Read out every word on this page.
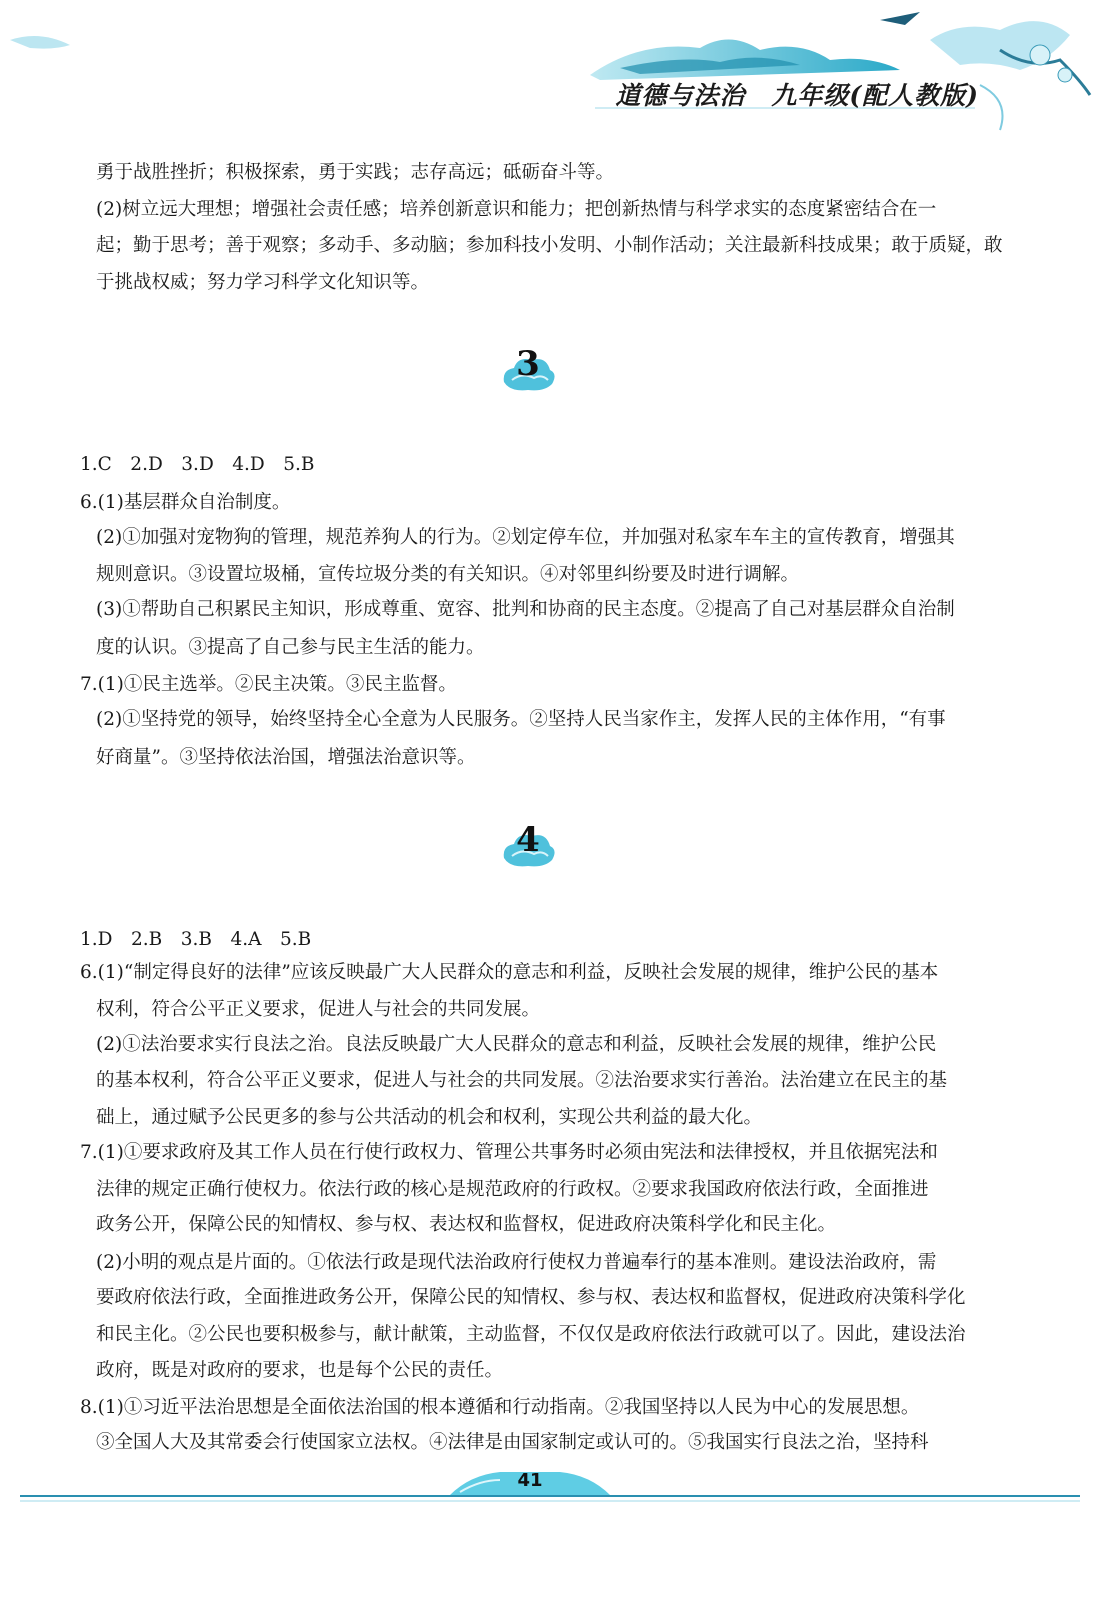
道德与法治　九年级(配人教版)
勇于战胜挫折；积极探索，勇于实践；志存高远；砥砺奋斗等。
(2)树立远大理想；增强社会责任感；培养创新意识和能力；把创新热情与科学求实的态度紧密结合在一
起；勤于思考；善于观察；多动手、多动脑；参加科技小发明、小制作活动；关注最新科技成果；敢于质疑，敢
于挑战权威；努力学习科学文化知识等。
3
1.C　2.D　3.D　4.D　5.B
6.(1)基层群众自治制度。
(2)①加强对宠物狗的管理，规范养狗人的行为。②划定停车位，并加强对私家车车主的宣传教育，增强其
规则意识。③设置垃圾桶，宣传垃圾分类的有关知识。④对邻里纠纷要及时进行调解。
(3)①帮助自己积累民主知识，形成尊重、宽容、批判和协商的民主态度。②提高了自己对基层群众自治制
度的认识。③提高了自己参与民主生活的能力。
7.(1)①民主选举。②民主决策。③民主监督。
(2)①坚持党的领导，始终坚持全心全意为人民服务。②坚持人民当家作主，发挥人民的主体作用，“有事
好商量”。③坚持依法治国，增强法治意识等。
4
1.D　2.B　3.B　4.A　5.B
6.(1)“制定得良好的法律”应该反映最广大人民群众的意志和利益，反映社会发展的规律，维护公民的基本
权利，符合公平正义要求，促进人与社会的共同发展。
(2)①法治要求实行良法之治。良法反映最广大人民群众的意志和利益，反映社会发展的规律，维护公民
的基本权利，符合公平正义要求，促进人与社会的共同发展。②法治要求实行善治。法治建立在民主的基
础上，通过赋予公民更多的参与公共活动的机会和权利，实现公共利益的最大化。
7.(1)①要求政府及其工作人员在行使行政权力、管理公共事务时必须由宪法和法律授权，并且依据宪法和
法律的规定正确行使权力。依法行政的核心是规范政府的行政权。②要求我国政府依法行政，全面推进
政务公开，保障公民的知情权、参与权、表达权和监督权，促进政府决策科学化和民主化。
(2)小明的观点是片面的。①依法行政是现代法治政府行使权力普遍奉行的基本准则。建设法治政府，需
要政府依法行政，全面推进政务公开，保障公民的知情权、参与权、表达权和监督权，促进政府决策科学化
和民主化。②公民也要积极参与，献计献策，主动监督，不仅仅是政府依法行政就可以了。因此，建设法治
政府，既是对政府的要求，也是每个公民的责任。
8.(1)①习近平法治思想是全面依法治国的根本遵循和行动指南。②我国坚持以人民为中心的发展思想。
③全国人大及其常委会行使国家立法权。④法律是由国家制定或认可的。⑤我国实行良法之治，坚持科
41
